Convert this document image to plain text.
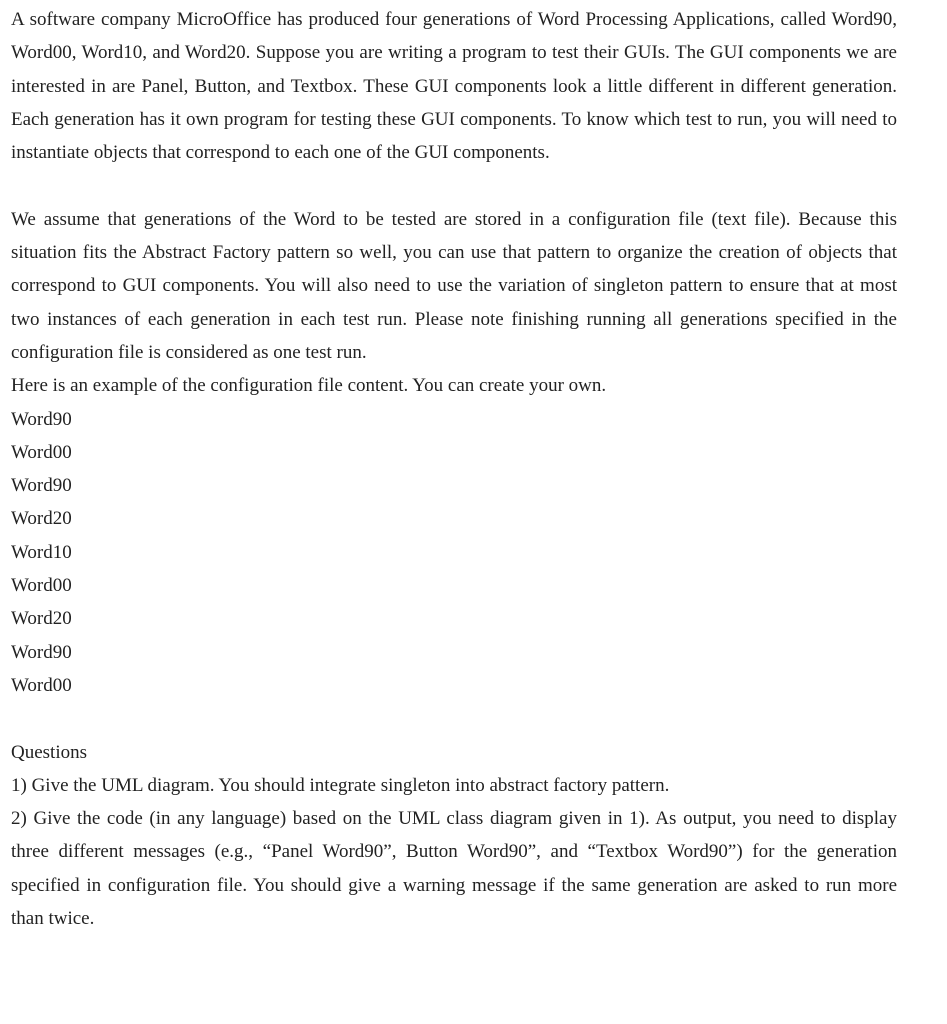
A software company MicroOffice has produced four generations of Word Processing Applications, called Word90, Word00, Word10, and Word20. Suppose you are writing a program to test their GUIs. The GUI components we are interested in are Panel, Button, and Textbox. These GUI components look a little different in different generation. Each generation has it own program for testing these GUI components. To know which test to run, you will need to instantiate objects that correspond to each one of the GUI components.

We assume that generations of the Word to be tested are stored in a configuration file (text file). Because this situation fits the Abstract Factory pattern so well, you can use that pattern to organize the creation of objects that correspond to GUI components. You will also need to use the variation of singleton pattern to ensure that at most two instances of each generation in each test run. Please note finishing running all generations specified in the configuration file is considered as one test run.

Here is an example of the configuration file content. You can create your own.

Word90
Word00
Word90
Word20
Word10
Word00
Word20
Word90
Word00

Questions

1) Give the UML diagram. You should integrate singleton into abstract factory pattern.

2) Give the code (in any language) based on the UML class diagram given in 1). As output, you need to display three different messages (e.g., “Panel Word90”, Button Word90”, and “Textbox Word90”) for the generation specified in configuration file. You should give a warning message if the same generation are asked to run more than twice.
